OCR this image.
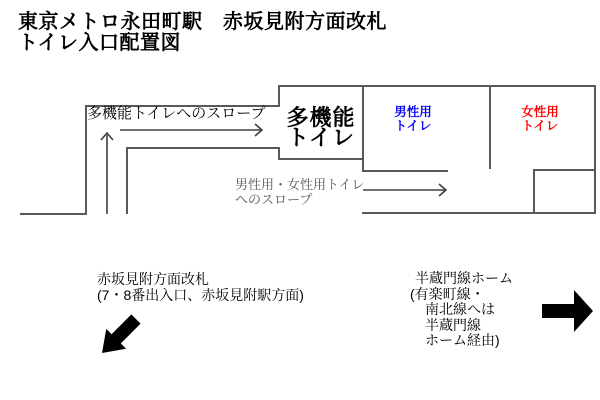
東京メトロ永田町駅　赤坂見附方面改札
トイレ入口配置図
多機能トイレへのスロープ 多機能
トイレ
男性用
トイレ
女性用
トイレ
男性用・女性用トイレ
へのスロープ
赤坂見附方面改札
(7・8番出入口、赤坂見附駅方面)
半蔵門線ホーム
(有楽町線・
南北線へは
半蔵門線
ホーム経由)
